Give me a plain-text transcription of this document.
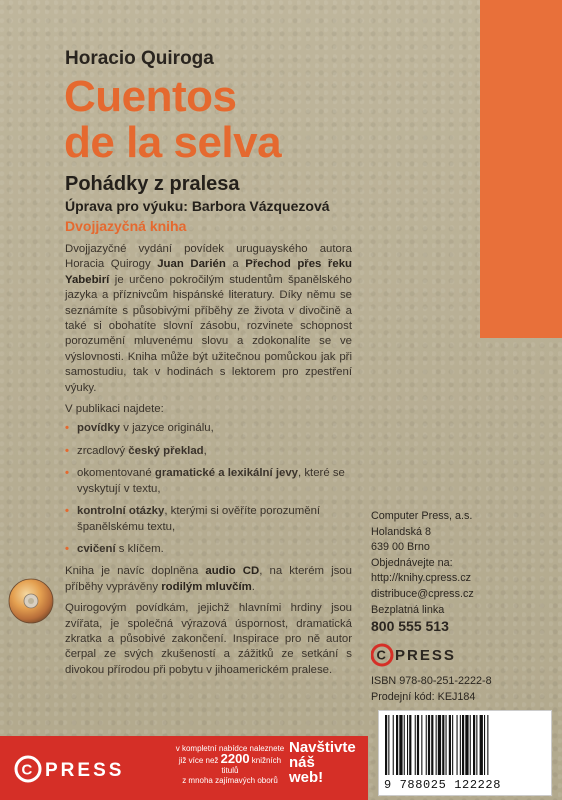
Horacio Quiroga
Cuentos
de la selva
Pohádky z pralesa
Úprava pro výuku: Barbora Vázquezová
Dvojjazyčná kniha

Dvojjazyčné vydání povídek uruguayského autora Horacia Quirogy Juan Darién a Přechod přes řeku Yabebirí je určeno pokročilým studentům španělského jazyka a příznivcům hispánské literatury. Díky němu se seznámíte s působivými příběhy ze života v divočině a také si obohatíte slovní zásobu, rozvinete schopnost porozumění mluvenému slovu a zdokonalíte se ve výslovnosti. Kniha může být užitečnou pomůckou jak při samostudiu, tak v hodinách s lektorem pro zpestření výuky.

V publikaci najdete:
• povídky v jazyce originálu,
• zrcadlový český překlad,
• okomentované gramatické a lexikální jevy, které se vyskytují v textu,
• kontrolní otázky, kterými si ověříte porozumění španělskému textu,
• cvičení s klíčem.

Kniha je navíc doplněna audio CD, na kterém jsou příběhy vyprávěny rodilým mluvčím.

Quirogovým povídkám, jejichž hlavními hrdiny jsou zvířata, je společná výrazová úspornost, dramatická zkratka a působivé zakončení. Inspirace pro ně autor čerpal ze svých zkušeností a zážitků ze setkání s divokou přírodou při pobytu v jihoamerickém pralese.

Computer Press, a.s.
Holandská 8
639 00 Brno
Objednávejte na:
http://knihy.cpress.cz
distribuce@cpress.cz
Bezplatná linka
800 555 513
C PRESS
ISBN 978-80-251-2222-8
Prodejní kód: KEJ184
C PRESS
v kompletní nabídce naleznete
již více než 2200 knižních titulů
z mnoha zajímavých oborů
Navštivte
náš
web!	9 788025 122228
